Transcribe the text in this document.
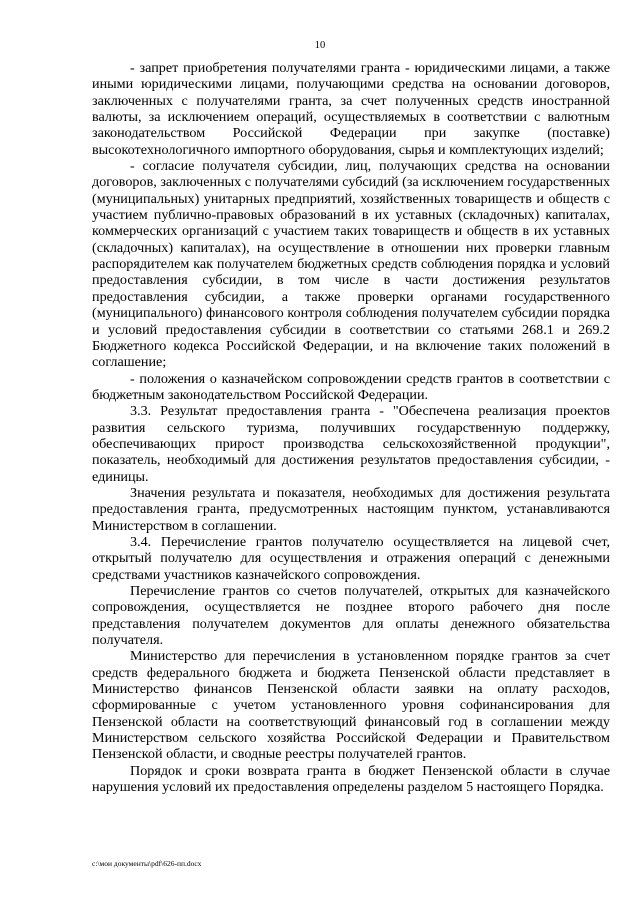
10

- запрет приобретения получателями гранта - юридическими лицами, а также иными юридическими лицами, получающими средства на основании договоров, заключенных с получателями гранта, за счет полученных средств иностранной валюты, за исключением операций, осуществляемых в соответствии с валютным законодательством Российской Федерации при закупке (поставке) высокотехнологичного импортного оборудования, сырья и комплектующих изделий;

- согласие получателя субсидии, лиц, получающих средства на основании договоров, заключенных с получателями субсидий (за исключением государственных (муниципальных) унитарных предприятий, хозяйственных товариществ и обществ с участием публично-правовых образований в их уставных (складочных) капиталах, коммерческих организаций с участием таких товариществ и обществ в их уставных (складочных) капиталах), на осуществление в отношении них проверки главным распорядителем как получателем бюджетных средств соблюдения порядка и условий предоставления субсидии, в том числе в части достижения результатов предоставления субсидии, а также проверки органами государственного (муниципального) финансового контроля соблюдения получателем субсидии порядка и условий предоставления субсидии в соответствии со статьями 268.1 и 269.2 Бюджетного кодекса Российской Федерации, и на включение таких положений в соглашение;

- положения о казначейском сопровождении средств грантов в соответствии с бюджетным законодательством Российской Федерации.

3.3. Результат предоставления гранта - "Обеспечена реализация проектов развития сельского туризма, получивших государственную поддержку, обеспечивающих прирост производства сельскохозяйственной продукции", показатель, необходимый для достижения результатов предоставления субсидии, - единицы.

Значения результата и показателя, необходимых для достижения результата предоставления гранта, предусмотренных настоящим пунктом, устанавливаются Министерством в соглашении.

3.4. Перечисление грантов получателю осуществляется на лицевой счет, открытый получателю для осуществления и отражения операций с денежными средствами участников казначейского сопровождения.

Перечисление грантов со счетов получателей, открытых для казначейского сопровождения, осуществляется не позднее второго рабочего дня после представления получателем документов для оплаты денежного обязательства получателя.

Министерство для перечисления в установленном порядке грантов за счет средств федерального бюджета и бюджета Пензенской области представляет в Министерство финансов Пензенской области заявки на оплату расходов, сформированные с учетом установленного уровня софинансирования для Пензенской области на соответствующий финансовый год в соглашении между Министерством сельского хозяйства Российской Федерации и Правительством Пензенской области, и сводные реестры получателей грантов.

Порядок и сроки возврата гранта в бюджет Пензенской области в случае нарушения условий их предоставления определены разделом 5 настоящего Порядка.

c:\мои документы\pdf\626-пп.docx
